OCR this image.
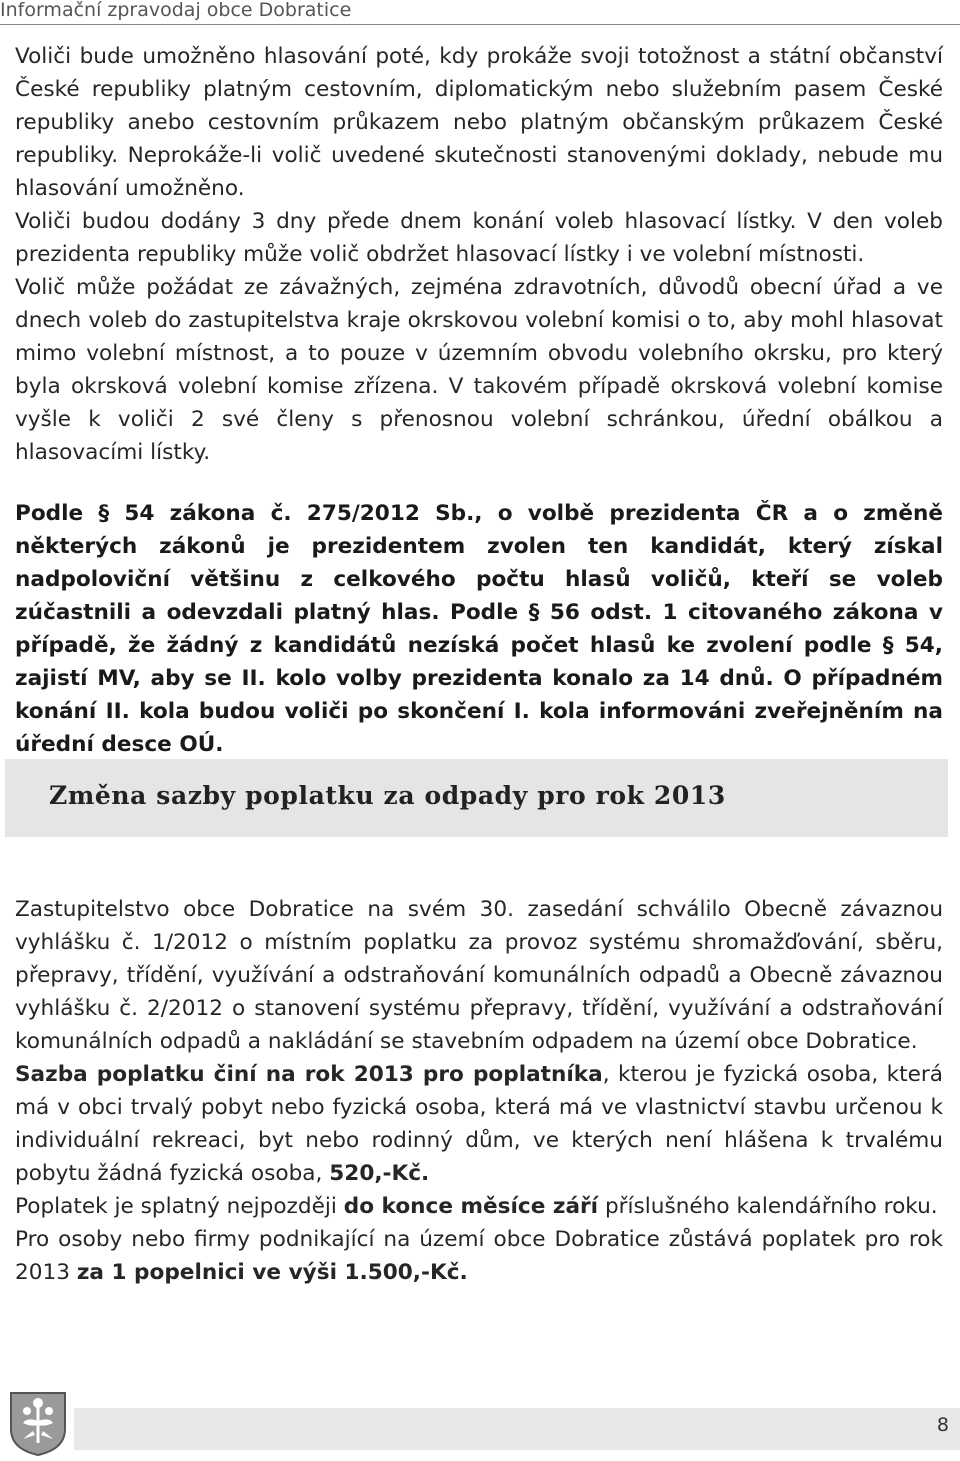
Informační zpravodaj obce Dobratice

Voliči bude umožněno hlasování poté, kdy prokáže svoji totožnost a státní občanství České republiky platným cestovním, diplomatickým nebo služebním pasem České republiky anebo cestovním průkazem nebo platným občanským průkazem České republiky. Neprokáže-li volič uvedené skutečnosti stanovenými doklady, nebude mu hlasování umožněno.

Voliči budou dodány 3 dny přede dnem konání voleb hlasovací lístky. V den voleb prezidenta republiky může volič obdržet hlasovací lístky i ve volební místnosti.

Volič může požádat ze závažných, zejména zdravotních, důvodů obecní úřad a ve dnech voleb do zastupitelstva kraje okrskovou volební komisi o to, aby mohl hlasovat mimo volební místnost, a to pouze v územním obvodu volebního okrsku, pro který byla okrsková volební komise zřízena. V takovém případě okrsková volební komise vyšle k voliči 2 své členy s přenosnou volební schránkou, úřední obálkou a hlasovacími lístky.

Podle § 54 zákona č. 275/2012 Sb., o volbě prezidenta ČR a o změně některých zákonů je prezidentem zvolen ten kandidát, který získal nadpoloviční většinu z celkového počtu hlasů voličů, kteří se voleb zúčastnili a odevzdali platný hlas. Podle § 56 odst. 1 citovaného zákona v případě, že žádný z kandidátů nezíská počet hlasů ke zvolení podle § 54, zajistí MV, aby se II. kolo volby prezidenta konalo za 14 dnů. O případném konání II. kola budou voliči po skončení I. kola informováni zveřejněním na úřední desce OÚ.

Změna sazby poplatku za odpady pro rok 2013

Zastupitelstvo obce Dobratice na svém 30. zasedání schválilo Obecně závaznou vyhlášku č. 1/2012 o místním poplatku za provoz systému shromažďování, sběru, přepravy, třídění, využívání a odstraňování komunálních odpadů a Obecně závaznou vyhlášku č. 2/2012 o stanovení systému přepravy, třídění, využívání a odstraňování komunálních odpadů a nakládání se stavebním odpadem na území obce Dobratice.

Sazba poplatku činí na rok 2013 pro poplatníka, kterou je fyzická osoba, která má v obci trvalý pobyt nebo fyzická osoba, která má ve vlastnictví stavbu určenou k individuální rekreaci, byt nebo rodinný dům, ve kterých není hlášena k trvalému pobytu žádná fyzická osoba, 520,-Kč.

Poplatek je splatný nejpozději do konce měsíce září příslušného kalendářního roku.

Pro osoby nebo firmy podnikající na území obce Dobratice zůstává poplatek pro rok 2013 za 1 popelnici ve výši 1.500,-Kč.

8
